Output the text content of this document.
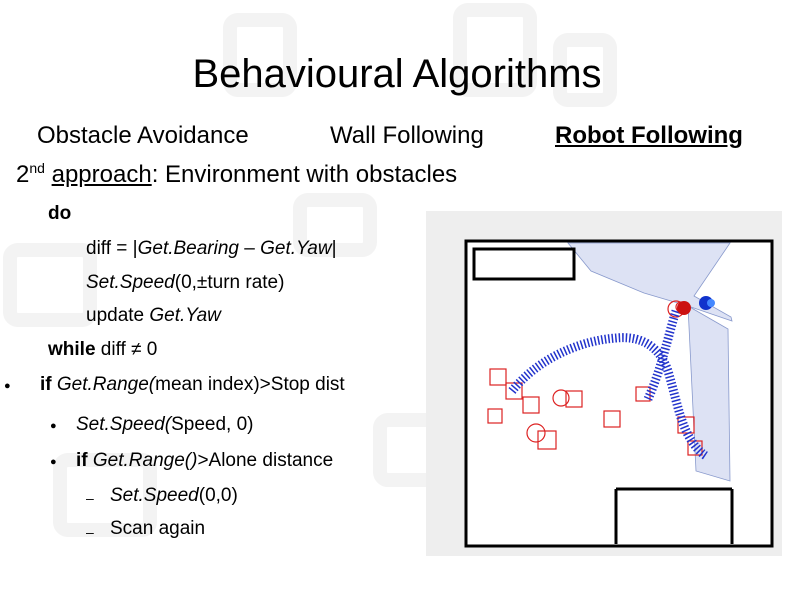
Behavioural Algorithms
Obstacle Avoidance	Wall Following	Robot Following
2nd approach: Environment with obstacles
do
diff = |Get.Bearing – Get.Yaw|
Set.Speed(0,±turn rate)
update Get.Yaw
while diff ≠ 0
● if Get.Range(mean index)>Stop dist
● Set.Speed(Speed, 0)
● if Get.Range()>Alone distance
– Set.Speed(0,0)
– Scan again
